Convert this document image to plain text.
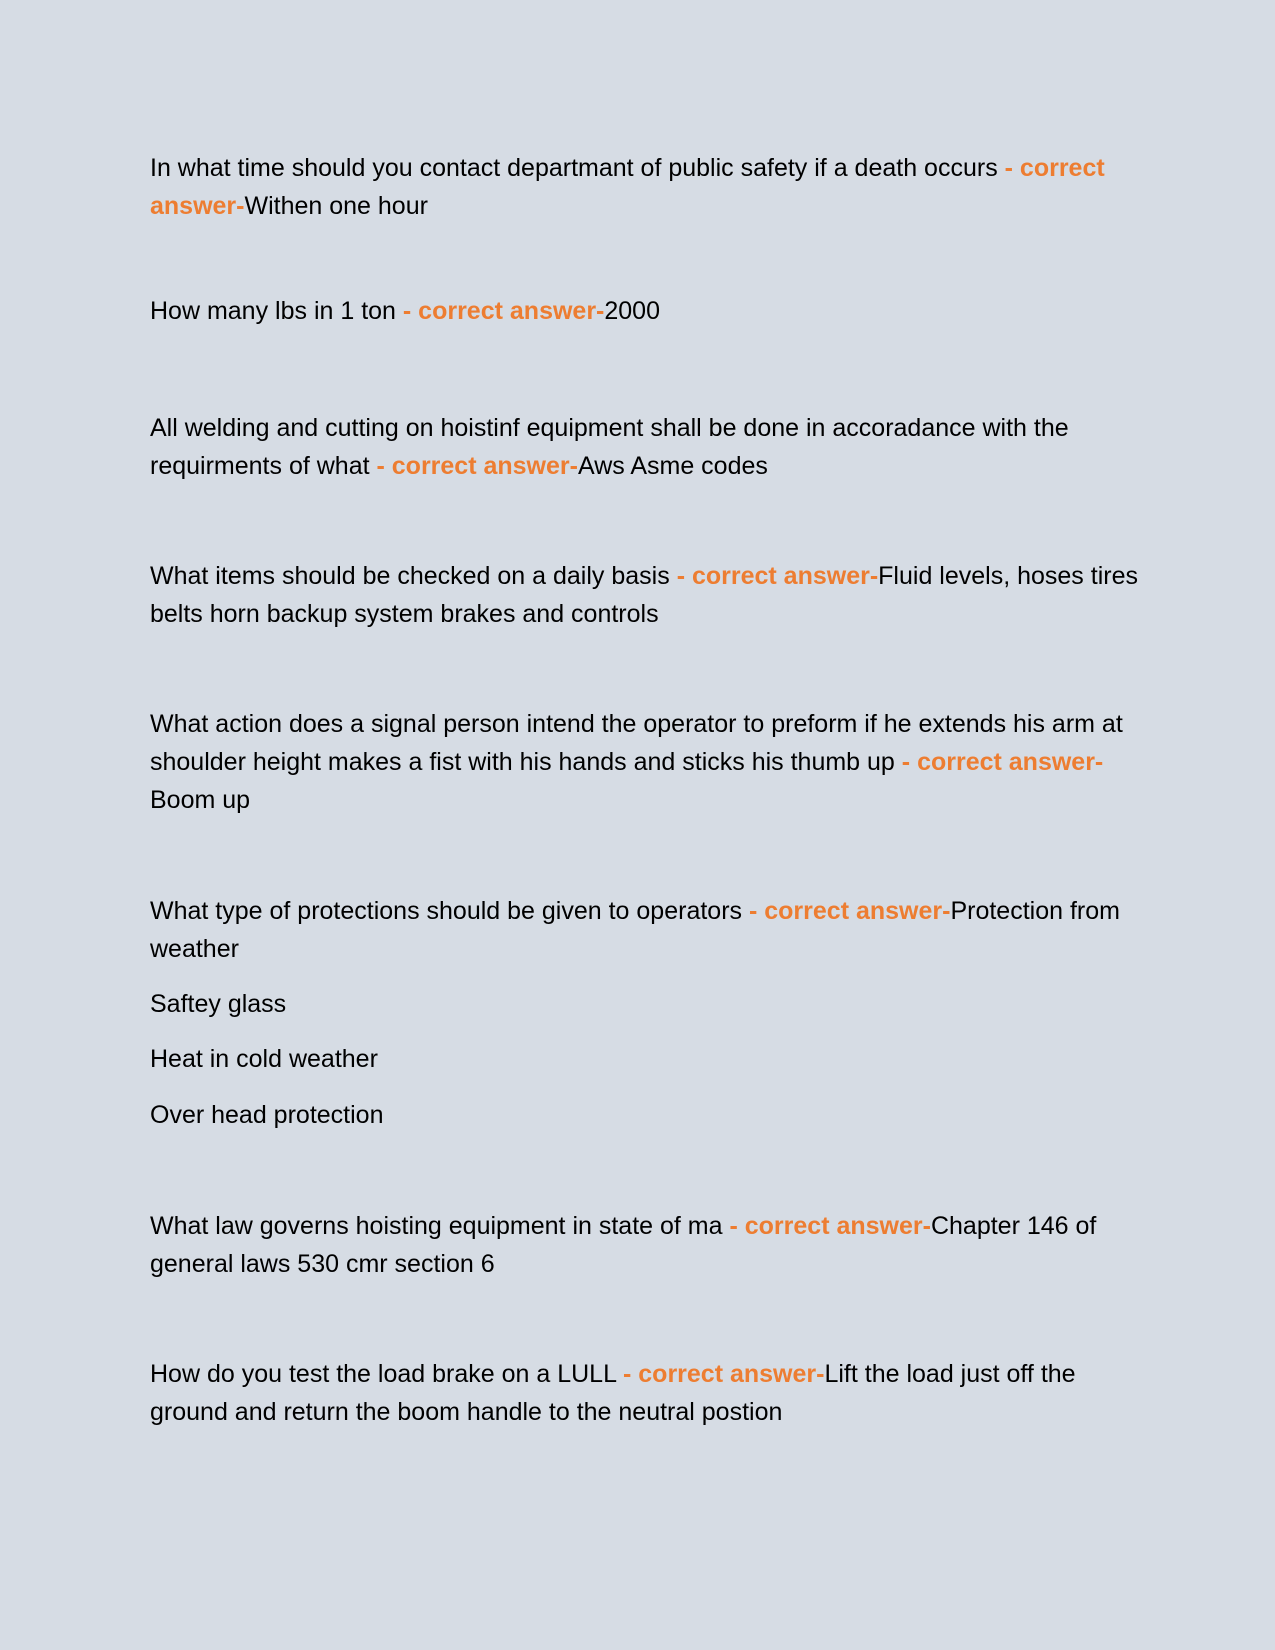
In what time should you contact departmant of public safety if a death occurs - correct answer-Withen one hour

How many lbs in 1 ton - correct answer-2000

All welding and cutting on hoistinf equipment shall be done in accoradance with the requirments of what - correct answer-Aws Asme codes

What items should be checked on a daily basis - correct answer-Fluid levels, hoses tires belts horn backup system brakes and controls

What action does a signal person intend the operator to preform if he extends his arm at shoulder height makes a fist with his hands and sticks his thumb up - correct answer-Boom up

What type of protections should be given to operators - correct answer-Protection from weather

Saftey glass

Heat in cold weather

Over head protection

What law governs hoisting equipment in state of ma - correct answer-Chapter 146 of general laws 530 cmr section 6

How do you test the load brake on a LULL - correct answer-Lift the load just off the ground and return the boom handle to the neutral postion
